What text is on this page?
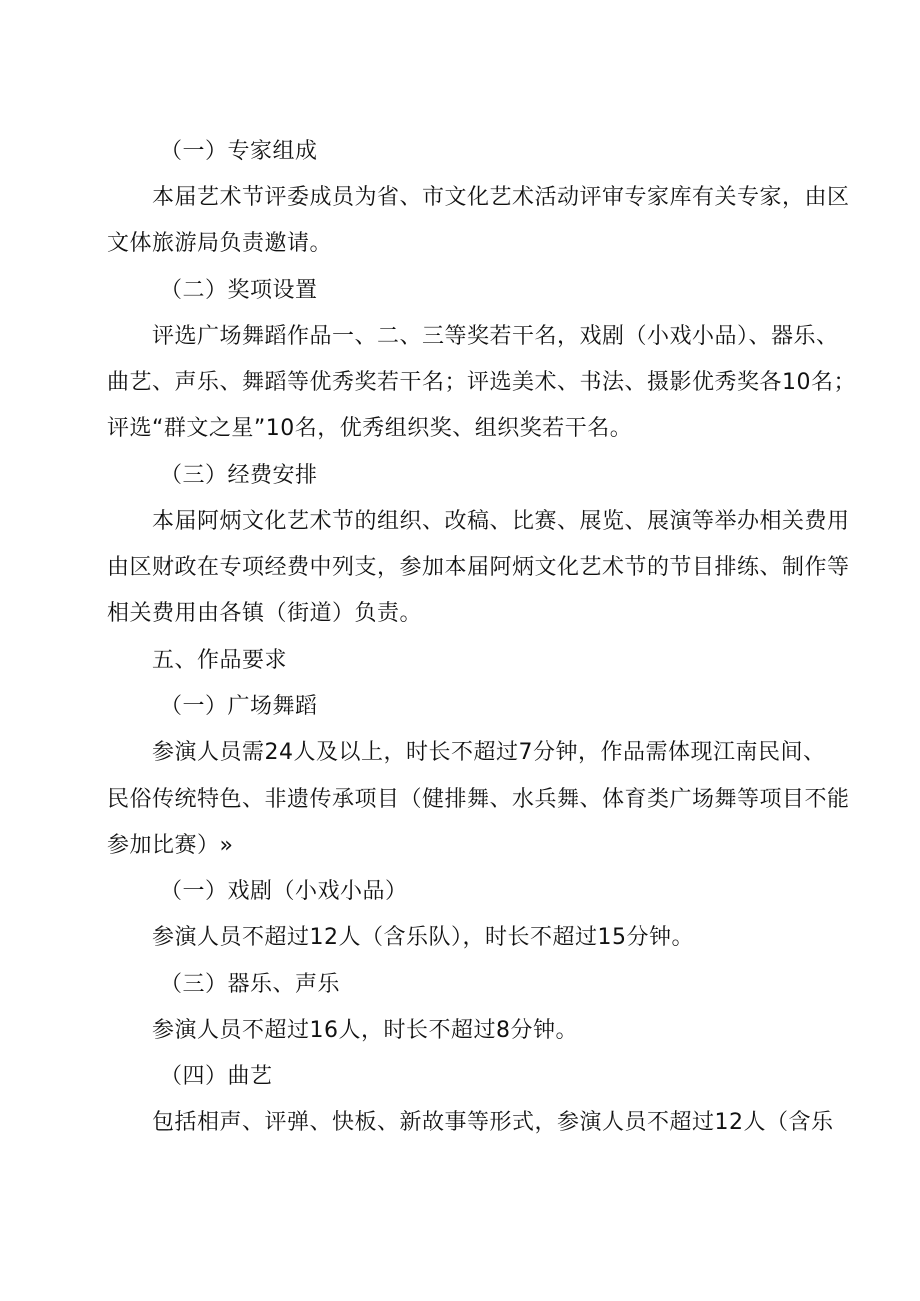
（一）专家组成
本届艺术节评委成员为省、市文化艺术活动评审专家库有关专家，由区
文体旅游局负责邀请。
（二）奖项设置
评选广场舞蹈作品一、二、三等奖若干名，戏剧（小戏小品）、器乐、
曲艺、声乐、舞蹈等优秀奖若干名；评选美术、书法、摄影优秀奖各10名；
评选“群文之星”10名，优秀组织奖、组织奖若干名。
（三）经费安排
本届阿炳文化艺术节的组织、改稿、比赛、展览、展演等举办相关费用
由区财政在专项经费中列支，参加本届阿炳文化艺术节的节目排练、制作等
相关费用由各镇（街道）负责。
五、作品要求
（一）广场舞蹈
参演人员需24人及以上，时长不超过7分钟，作品需体现江南民间、
民俗传统特色、非遗传承项目（健排舞、水兵舞、体育类广场舞等项目不能
参加比赛）»
（一）戏剧（小戏小品）
参演人员不超过12人（含乐队），时长不超过15分钟。
（三）器乐、声乐
参演人员不超过16人，时长不超过8分钟。
（四）曲艺
包括相声、评弹、快板、新故事等形式，参演人员不超过12人（含乐
